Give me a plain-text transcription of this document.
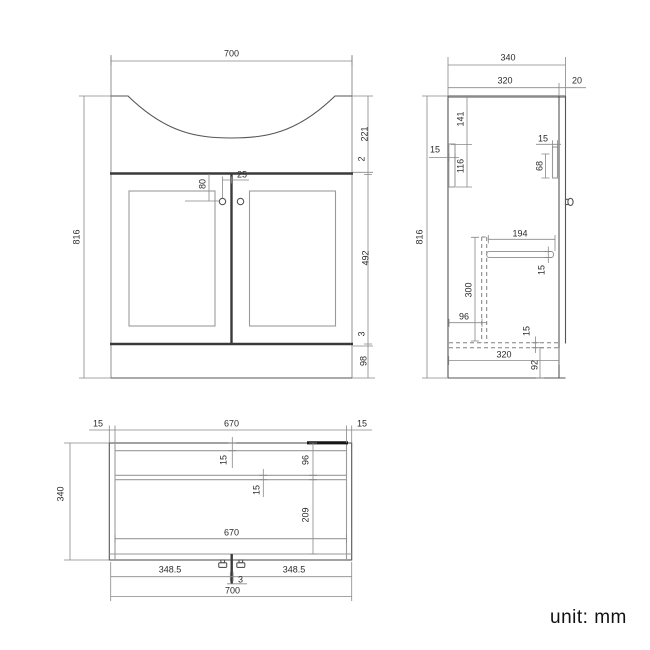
700
816
221
2
492
3
98
80
25
340
320	20
816
141
15
116
15
68
194
15
300
96
15
320
92
15	670	15
340
15
15
96
209
670
348.5	348.5
3
700
unit: mm
